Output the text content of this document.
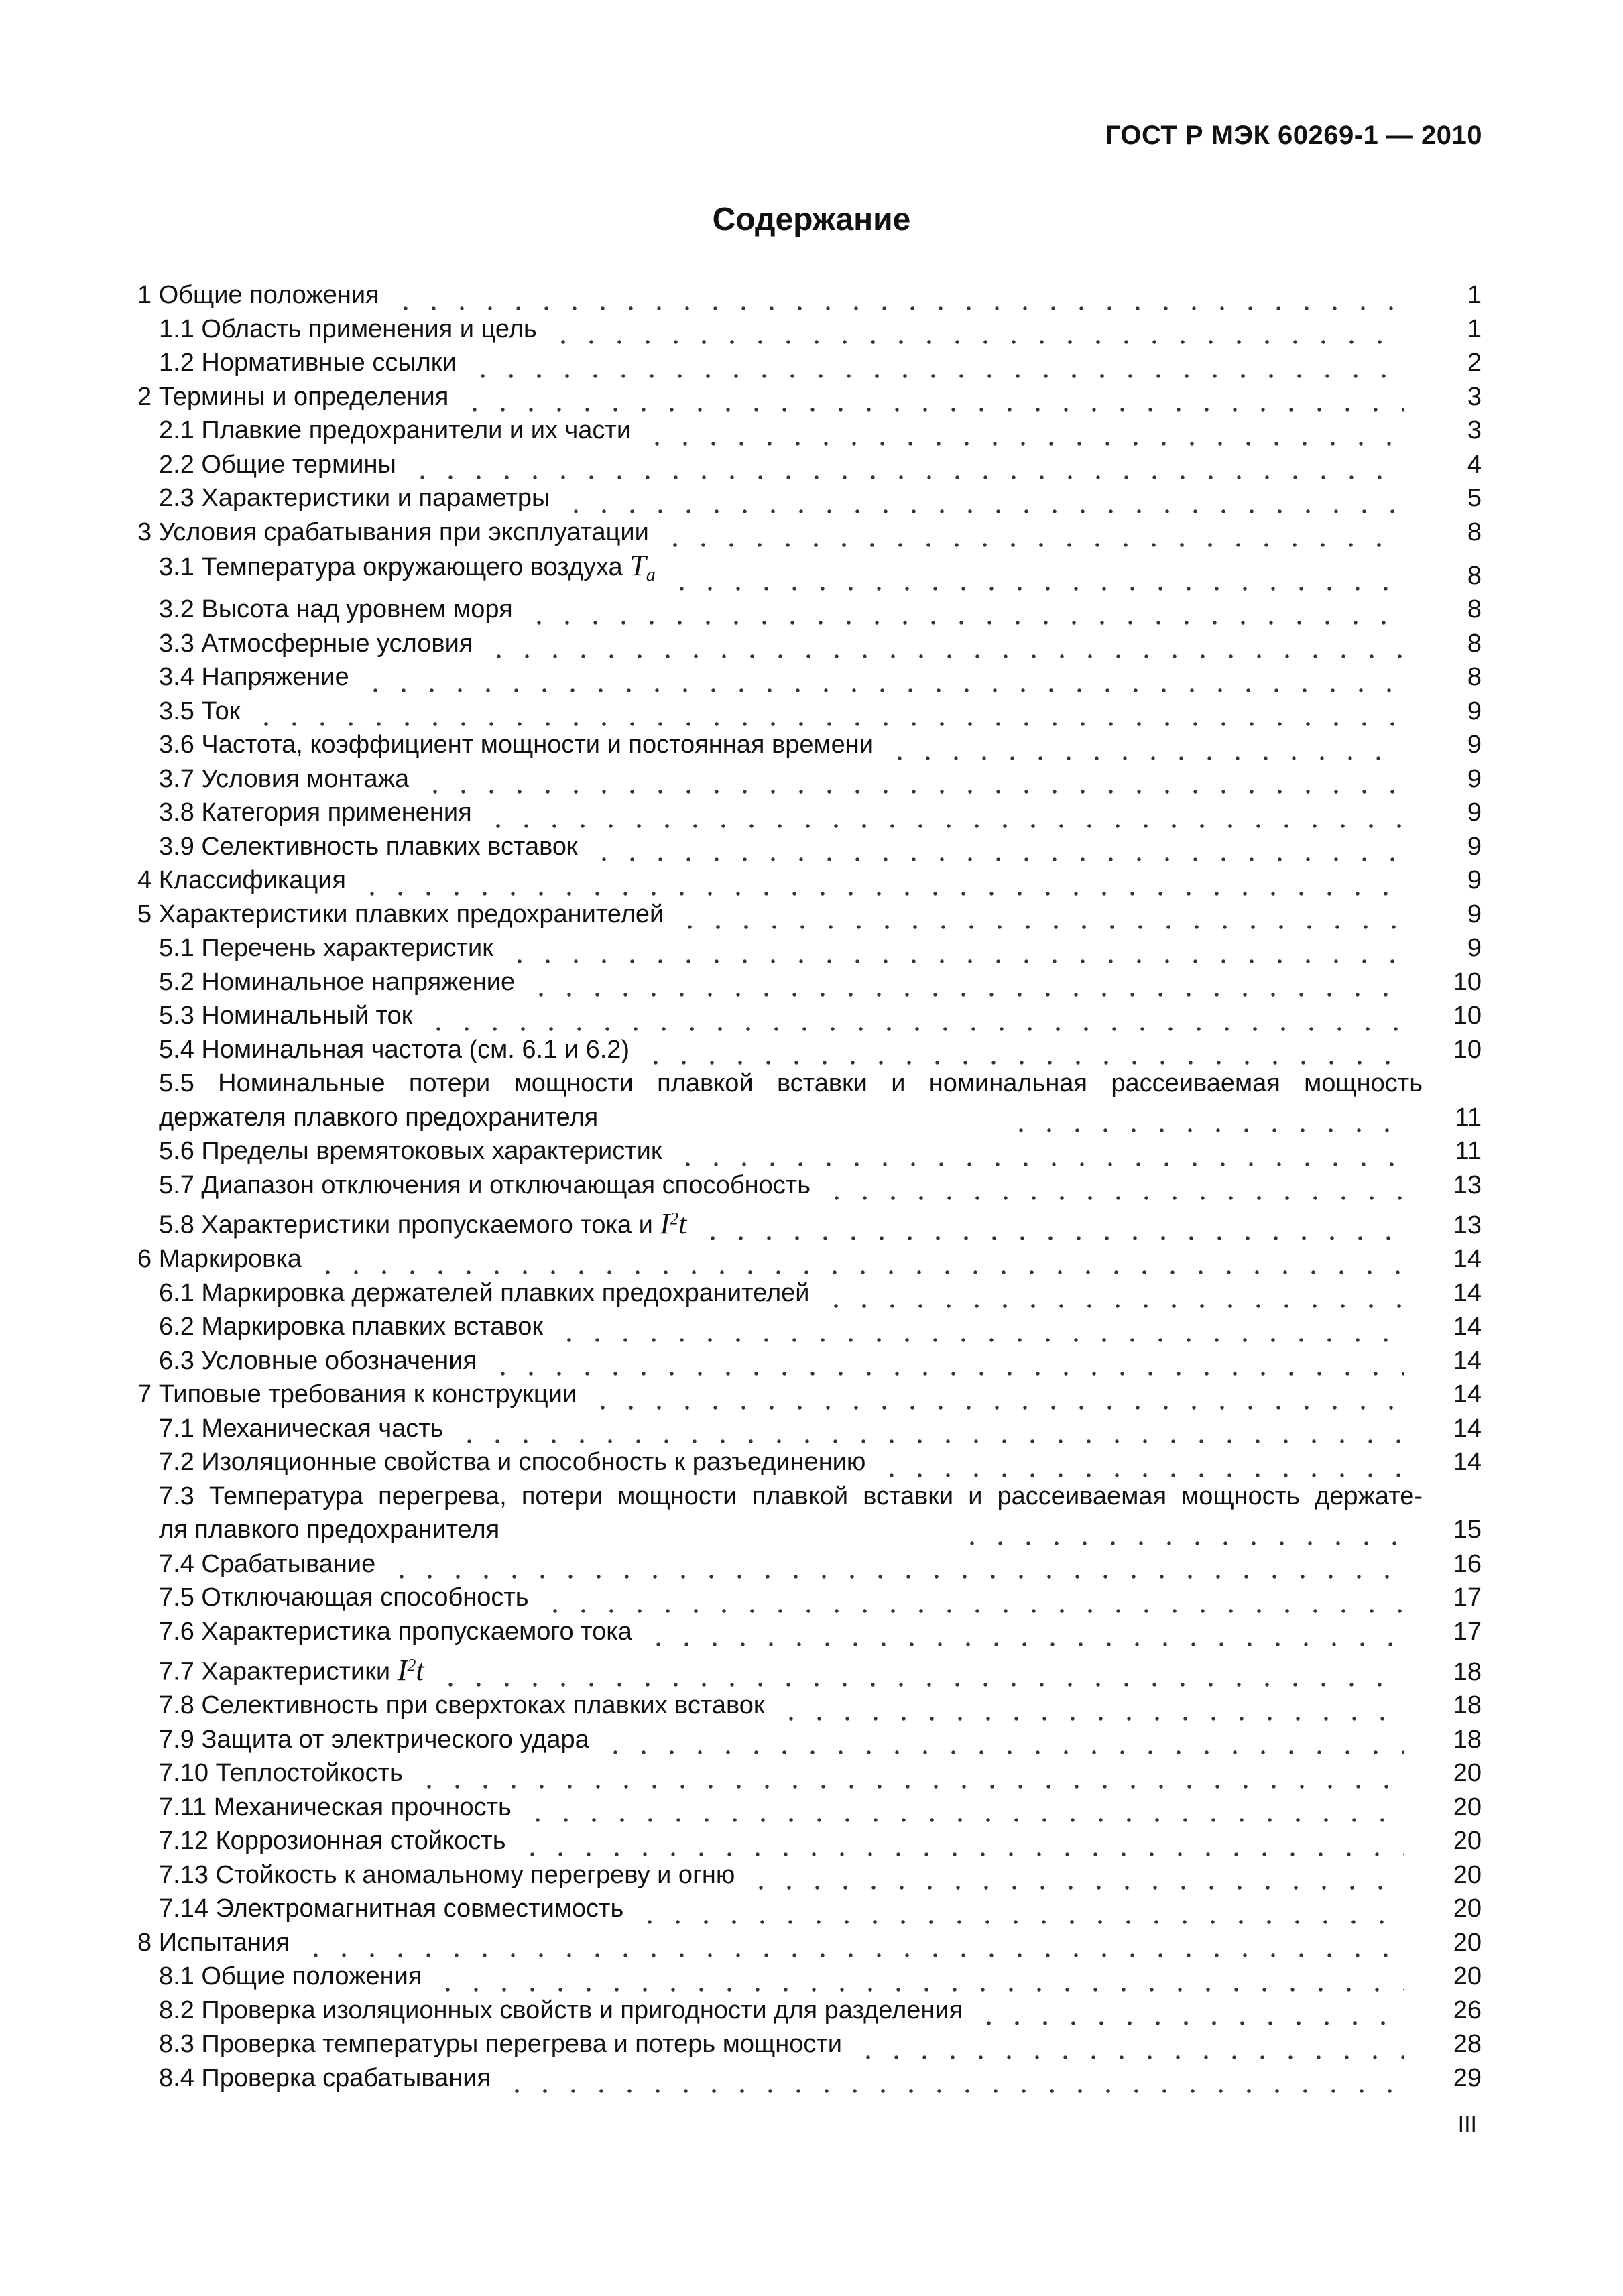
ГОСТ Р МЭК 60269-1 — 2010
Содержание
1 Общие положения	1
1.1 Область применения и цель	1
1.2 Нормативные ссылки	2
2 Термины и определения	3
2.1 Плавкие предохранители и их части	3
2.2 Общие термины	4
2.3 Характеристики и параметры	5
3 Условия срабатывания при эксплуатации	8
3.1 Температура окружающего воздуха $T_a$	8
3.2 Высота над уровнем моря	8
3.3 Атмосферные условия	8
3.4 Напряжение	8
3.5 Ток	9
3.6 Частота, коэффициент мощности и постоянная времени	9
3.7 Условия монтажа	9
3.8 Категория применения	9
3.9 Селективность плавких вставок	9
4 Классификация	9
5 Характеристики плавких предохранителей	9
5.1 Перечень характеристик	9
5.2 Номинальное напряжение	10
5.3 Номинальный ток	10
5.4 Номинальная частота (см. 6.1 и 6.2)	10
5.5 Номинальные потери мощности плавкой вставки и номинальная рассеиваемая мощность
держателя плавкого предохранителя	11
5.6 Пределы времятоковых характеристик	11
5.7 Диапазон отключения и отключающая способность	13
5.8 Характеристики пропускаемого тока и $I^2t$	13
6 Маркировка	14
6.1 Маркировка держателей плавких предохранителей	14
6.2 Маркировка плавких вставок	14
6.3 Условные обозначения	14
7 Типовые требования к конструкции	14
7.1 Механическая часть	14
7.2 Изоляционные свойства и способность к разъединению	14
7.3 Температура перегрева, потери мощности плавкой вставки и рассеиваемая мощность держате-
ля плавкого предохранителя	15
7.4 Срабатывание	16
7.5 Отключающая способность	17
7.6 Характеристика пропускаемого тока	17
7.7 Характеристики $I^2t$	18
7.8 Селективность при сверхтоках плавких вставок	18
7.9 Защита от электрического удара	18
7.10 Теплостойкость	20
7.11 Механическая прочность	20
7.12 Коррозионная стойкость	20
7.13 Стойкость к аномальному перегреву и огню	20
7.14 Электромагнитная совместимость	20
8 Испытания	20
8.1 Общие положения	20
8.2 Проверка изоляционных свойств и пригодности для разделения	26
8.3 Проверка температуры перегрева и потерь мощности	28
8.4 Проверка срабатывания	29
III
